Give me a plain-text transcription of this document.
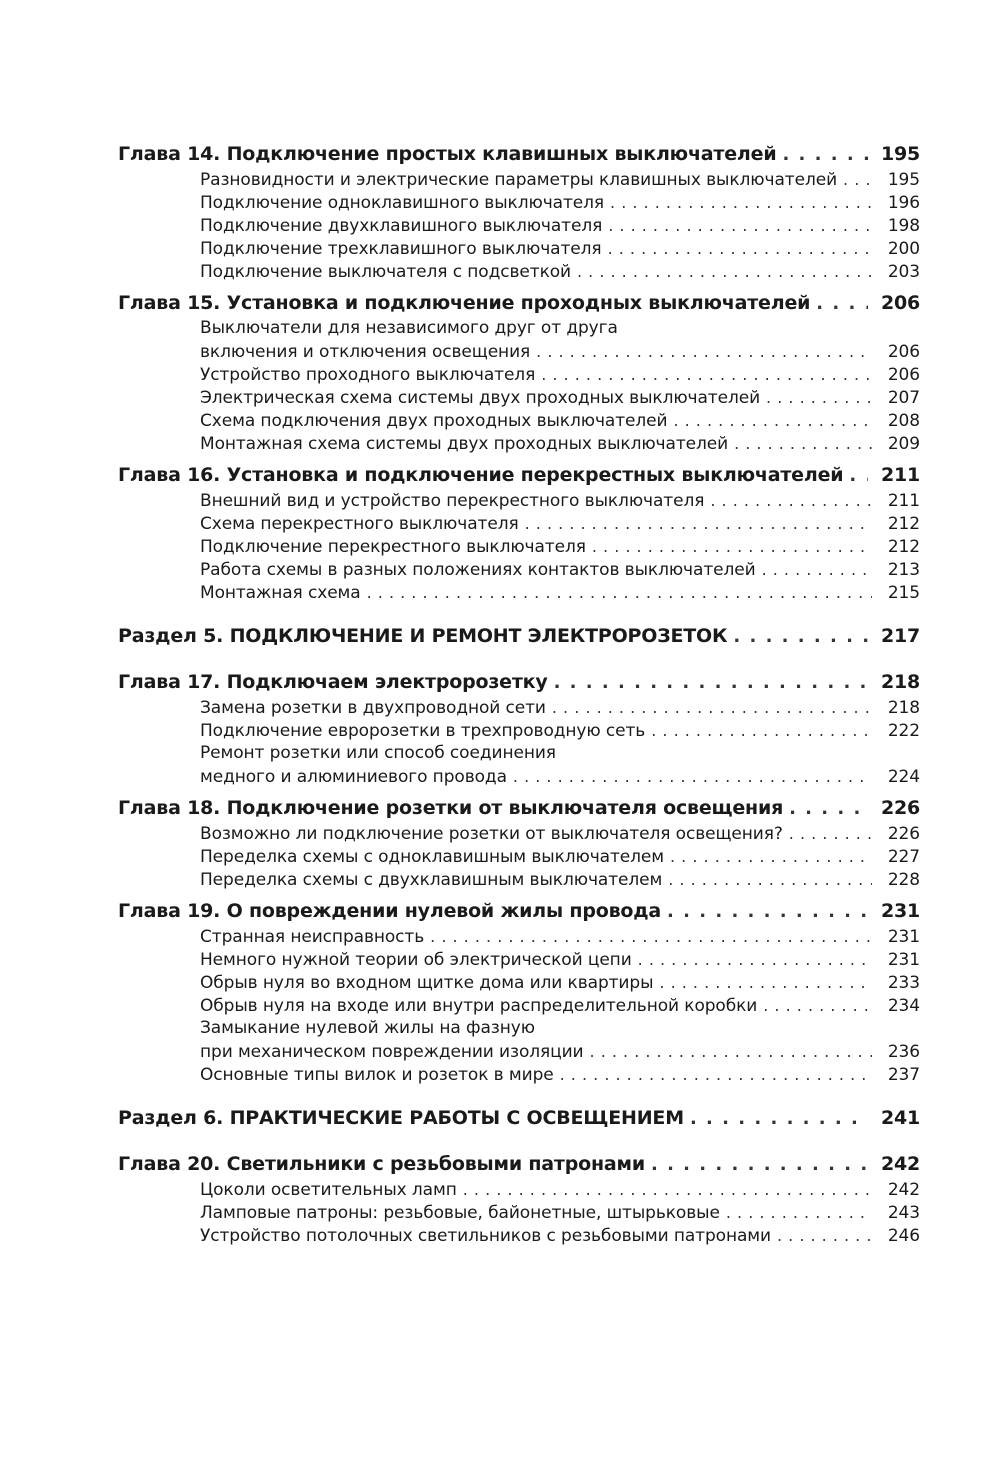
Глава 14. Подключение простых клавишных выключателей . . .	195
Разновидности и электрические параметры клавишных выключателей . . .	195
Подключение одноклавишного выключателя . . .	196
Подключение двухклавишного выключателя . . .	198
Подключение трехклавишного выключателя . . .	200
Подключение выключателя с подсветкой . . .	203
Глава 15. Установка и подключение проходных выключателей . . .	206
Выключатели для независимого друг от друга
включения и отключения освещения . . .	206
Устройство проходного выключателя . . .	206
Электрическая схема системы двух проходных выключателей . . .	207
Схема подключения двух проходных выключателей . . .	208
Монтажная схема системы двух проходных выключателей . . .	209
Глава 16. Установка и подключение перекрестных выключателей . . .	211
Внешний вид и устройство перекрестного выключателя . . .	211
Схема перекрестного выключателя . . .	212
Подключение перекрестного выключателя . . .	212
Работа схемы в разных положениях контактов выключателей . . .	213
Монтажная схема . . .	215
Раздел 5. ПОДКЛЮЧЕНИЕ И РЕМОНТ ЭЛЕКТРОРОЗЕТОК . . .	217
Глава 17. Подключаем электророзетку . . .	218
Замена розетки в двухпроводной сети . . .	218
Подключение евророзетки в трехпроводную сеть . . .	222
Ремонт розетки или способ соединения
медного и алюминиевого провода . . .	224
Глава 18. Подключение розетки от выключателя освещения . . .	226
Возможно ли подключение розетки от выключателя освещения? . . .	226
Переделка схемы с одноклавишным выключателем . . .	227
Переделка схемы с двухклавишным выключателем . . .	228
Глава 19. О повреждении нулевой жилы провода . . .	231
Странная неисправность . . .	231
Немного нужной теории об электрической цепи . . .	231
Обрыв нуля во входном щитке дома или квартиры . . .	233
Обрыв нуля на входе или внутри распределительной коробки . . .	234
Замыкание нулевой жилы на фазную
при механическом повреждении изоляции . . .	236
Основные типы вилок и розеток в мире . . .	237
Раздел 6. ПРАКТИЧЕСКИЕ РАБОТЫ С ОСВЕЩЕНИЕМ . . .	241
Глава 20. Светильники с резьбовыми патронами . . .	242
Цоколи осветительных ламп . . .	242
Ламповые патроны: резьбовые, байонетные, штырьковые . . .	243
Устройство потолочных светильников с резьбовыми патронами . . .	246
